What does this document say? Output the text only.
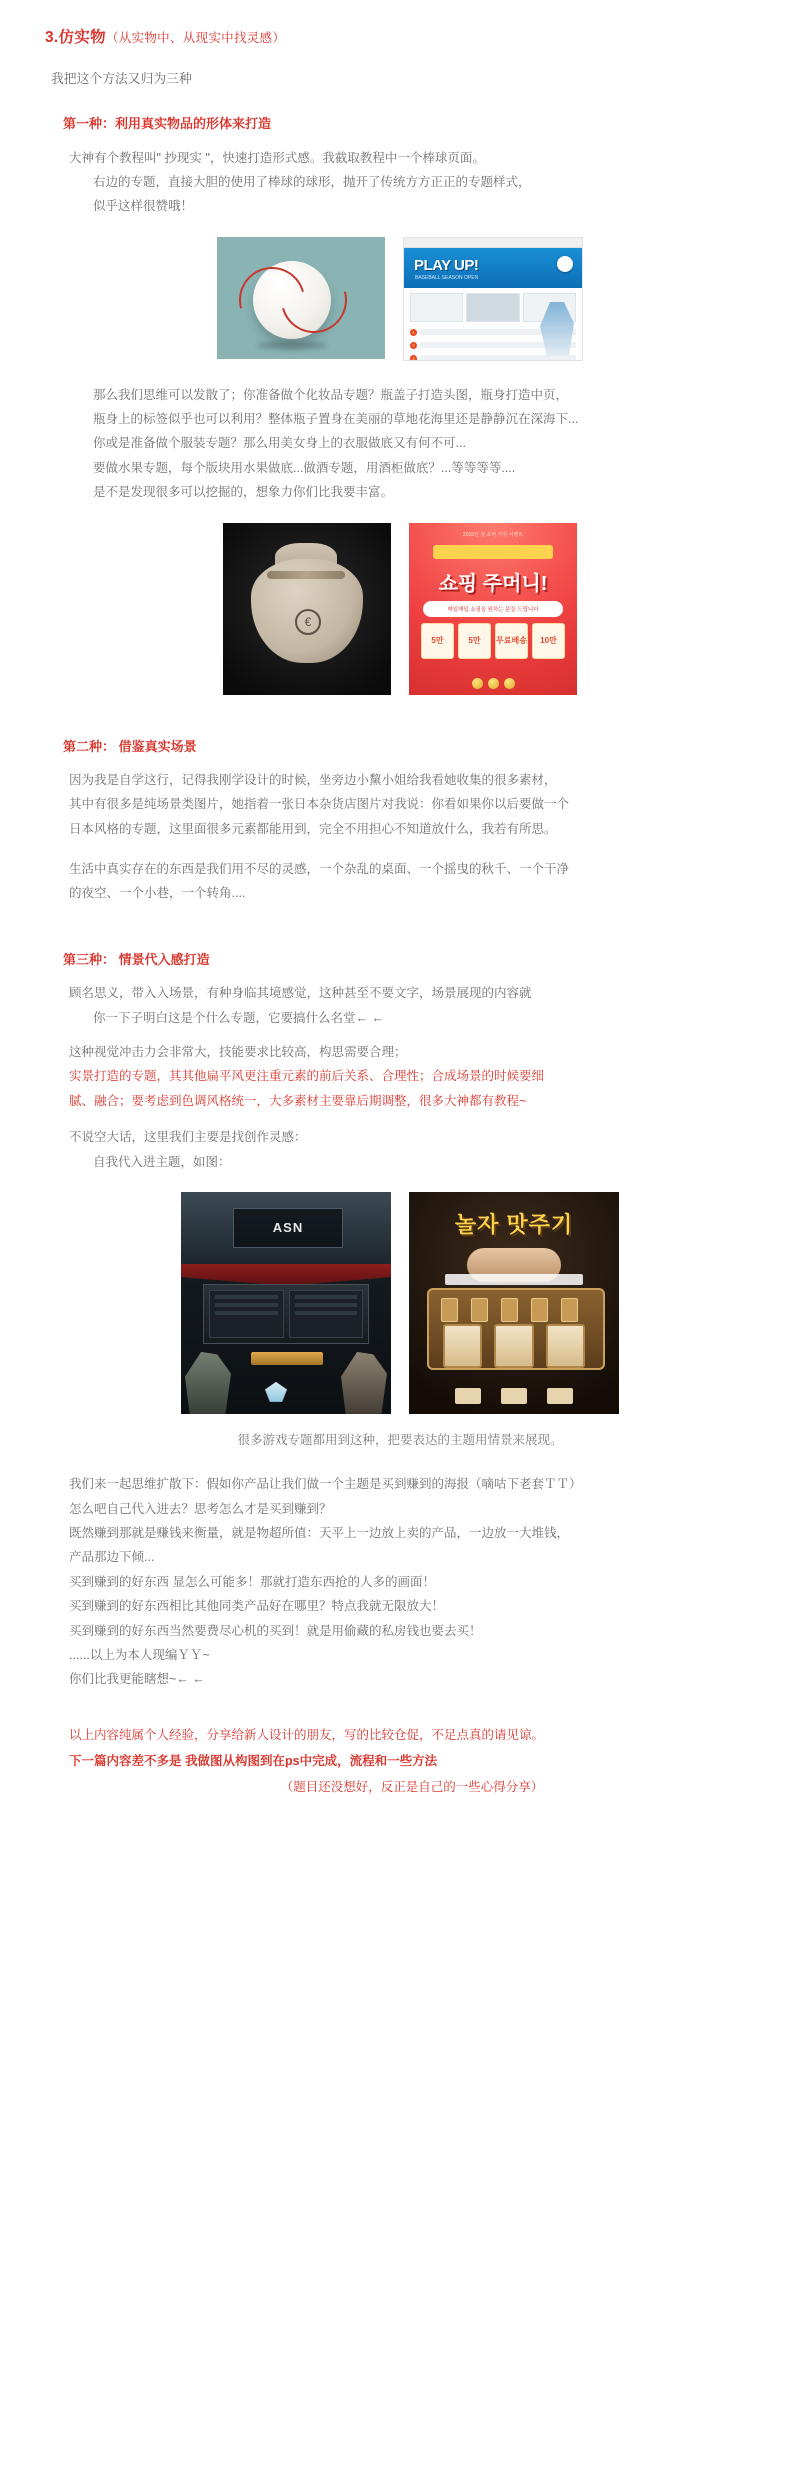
3.仿实物（从实物中、从现实中找灵感）

我把这个方法又归为三种

第一种：利用真实物品的形体来打造

大神有个教程叫" 抄现实 "，快速打造形式感。我截取教程中一个棒球页面。

右边的专题，直接大胆的使用了棒球的球形，抛开了传统方方正正的专题样式，

似乎这样很赞哦！

PLAY UP!
BASEBALL SEASON OPEN
1
2
3

那么我们思维可以发散了；你准备做个化妆品专题？瓶盖子打造头图，瓶身打造中页，

瓶身上的标签似乎也可以利用？整体瓶子置身在美丽的草地花海里还是静静沉在深海下...

你或是准备做个服装专题？那么用美女身上的衣服做底又有何不可...

要做水果专题，每个版块用水果做底...做酒专题，用酒柜做底？...等等等等....

是不是发现很多可以挖掘的，想象力你们比我要丰富。

€
2015년 첫 소비 지원 이벤트
쇼핑 주머니!
매일매일 쇼핑을 원하는 분들 드립니다
5만	5만	무료배송	10만
第二种： 借鉴真实场景

因为我是自学这行，记得我刚学设计的时候，坐旁边小黧小姐给我看她收集的很多素材，

其中有很多是纯场景类图片，她指着一张日本杂货店图片对我说：你看如果你以后要做一个

日本风格的专题，这里面很多元素都能用到，完全不用担心不知道放什么，我若有所思。

生活中真实存在的东西是我们用不尽的灵感，一个杂乱的桌面、一个摇曳的秋千、一个干净

的夜空、一个小巷，一个转角....

第三种： 情景代入感打造

顾名思义，带入入场景，有种身临其境感觉，这种甚至不要文字，场景展现的内容就

你一下子明白这是个什么专题，它要搞什么名堂← ←

这种视觉冲击力会非常大，技能要求比较高，构思需要合理；

实景打造的专题，其其他扁平风更注重元素的前后关系、合理性；合成场景的时候要细

腻、融合；要考虑到色调风格统一，大多素材主要靠后期调整，很多大神都有教程~

不说空大话，这里我们主要是找创作灵感：

自我代入进主题，如图：

ASN	놀자 맛주기

很多游戏专题都用到这种，把要表达的主题用情景来展现。

我们来一起思维扩散下：假如你产品让我们做一个主题是买到赚到的海报（嘀咕下老套ＴＴ）

怎么吧自己代入进去？思考怎么才是买到赚到？

既然赚到那就是赚钱来衡量，就是物超所值：天平上一边放上卖的产品，一边放一大堆钱，

产品那边下倾...

买到赚到的好东西 显怎么可能多！那就打造东西抢的人多的画面！

买到赚到的好东西相比其他同类产品好在哪里？特点我就无限放大！

买到赚到的好东西当然要费尽心机的买到！就是用偷藏的私房钱也要去买！

......以上为本人现编ＹＹ~

你们比我更能瞎想~← ←

以上内容纯属个人经验，分享给新人设计的朋友，写的比较仓促，不足点真的请见谅。

下一篇内容差不多是 我做图从构图到在ps中完成，流程和一些方法

（题目还没想好，反正是自己的一些心得分享）
